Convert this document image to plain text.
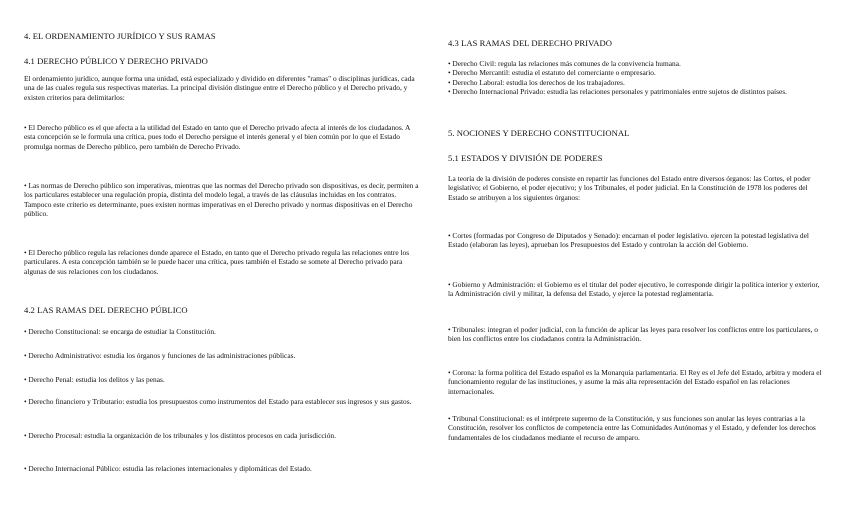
4. EL ORDENAMIENTO JURÍDICO Y SUS RAMAS
4.1 DERECHO PÚBLICO Y DERECHO PRIVADO

El ordenamiento jurídico, aunque forma una unidad, está especializado y dividido en diferentes "ramas" o disciplinas jurídicas, cada una de las cuales regula sus respectivas materias. La principal división distingue entre el Derecho público y el Derecho privado, y existen criterios para delimitarlos:

• El Derecho público es el que afecta a la utilidad del Estado en tanto que el Derecho privado afecta al interés de los ciudadanos. A esta concepción se le formula una crítica, pues todo el Derecho persigue el interés general y el bien común por lo que el Estado promulga normas de Derecho público, pero también de Derecho Privado.

• Las normas de Derecho público son imperativas, mientras que las normas del Derecho privado son dispositivas, es decir, permiten a los particulares establecer una regulación propia, distinta del modelo legal, a través de las cláusulas incluidas en los contratos. Tampoco este criterio es determinante, pues existen normas imperativas en el Derecho privado y normas dispositivas en el Derecho público.

• El Derecho público regula las relaciones donde aparece el Estado, en tanto que el Derecho privado regula las relaciones entre los particulares. A esta concepción también se le puede hacer una crítica, pues también el Estado se somete al Derecho privado para algunas de sus relaciones con los ciudadanos.

4.2 LAS RAMAS DEL DERECHO PÚBLICO

• Derecho Constitucional: se encarga de estudiar la Constitución.

• Derecho Administrativo: estudia los órganos y funciones de las administraciones públicas.

• Derecho Penal: estudia los delitos y las penas.

• Derecho financiero y Tributario: estudia los presupuestos como instrumentos del Estado para establecer sus ingresos y sus gastos.

• Derecho Procesal: estudia la organización de los tribunales y los distintos procesos en cada jurisdicción.

• Derecho Internacional Público: estudia las relaciones internacionales y diplomáticas del Estado.

4.3 LAS RAMAS DEL DERECHO PRIVADO

• Derecho Civil: regula las relaciones más comunes de la convivencia humana.
• Derecho Mercantil: estudia el estatuto del comerciante o empresario.
• Derecho Laboral: estudia los derechos de los trabajadores.
• Derecho Internacional Privado: estudia las relaciones personales y patrimoniales entre sujetos de distintos países.

5. NOCIONES Y DERECHO CONSTITUCIONAL
5.1 ESTADOS Y DIVISIÓN DE PODERES

La teoría de la división de poderes consiste en repartir las funciones del Estado entre diversos órganos: las Cortes, el poder legislativo; el Gobierno, el poder ejecutivo; y los Tribunales, el poder judicial. En la Constitución de 1978 los poderes del Estado se atribuyen a los siguientes órganos:

• Cortes (formadas por Congreso de Diputados y Senado): encarnan el poder legislativo. ejercen la potestad legislativa del Estado (elaboran las leyes), aprueban los Presupuestos del Estado y controlan la acción del Gobierno.

• Gobierno y Administración: el Gobierno es el titular del poder ejecutivo, le corresponde dirigir la política interior y exterior, la Administración civil y militar, la defensa del Estado, y ejerce la potestad reglamentaria.

• Tribunales: integran el poder judicial, con la función de aplicar las leyes para resolver los conflictos entre los particulares, o bien los conflictos entre los ciudadanos contra la Administración.

• Corona: la forma política del Estado español es la Monarquía parlamentaria. El Rey es el Jefe del Estado, arbitra y modera el funcionamiento regular de las instituciones, y asume la más alta representación del Estado español en las relaciones internacionales.

• Tribunal Constitucional: es el intérprete supremo de la Constitución, y sus funciones son anular las leyes contrarias a la Constitución, resolver los conflictos de competencia entre las Comunidades Autónomas y el Estado, y defender los derechos fundamentales de los ciudadanos mediante el recurso de amparo.
